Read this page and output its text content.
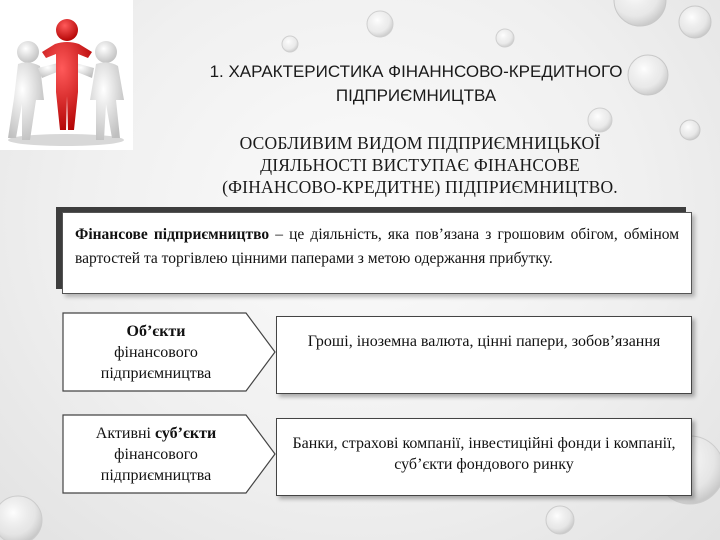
1. ХАРАКТЕРИСТИКА ФІНАННСОВО-КРЕДИТНОГО
ПІДПРИЄМНИЦТВА
ОСОБЛИВИМ ВИДОМ ПІДПРИЄМНИЦЬКОЇ
ДІЯЛЬНОСТІ ВИСТУПАЄ ФІНАНСОВЕ
(ФІНАНСОВО-КРЕДИТНЕ) ПІДПРИЄМНИЦТВО.
Фінансове підприємництво – це діяльність, яка пов’язана з грошовим обігом, обміном вартостей та торгівлею цінними паперами з метою одержання прибутку.
Об’єкти
фінансового
підприємництва
Гроші, іноземна валюта, цінні папери, зобов’язання
Активні суб’єкти
фінансового
підприємництва
Банки, страхові компанії, інвестиційні фонди і компанії, суб’єкти фондового ринку
